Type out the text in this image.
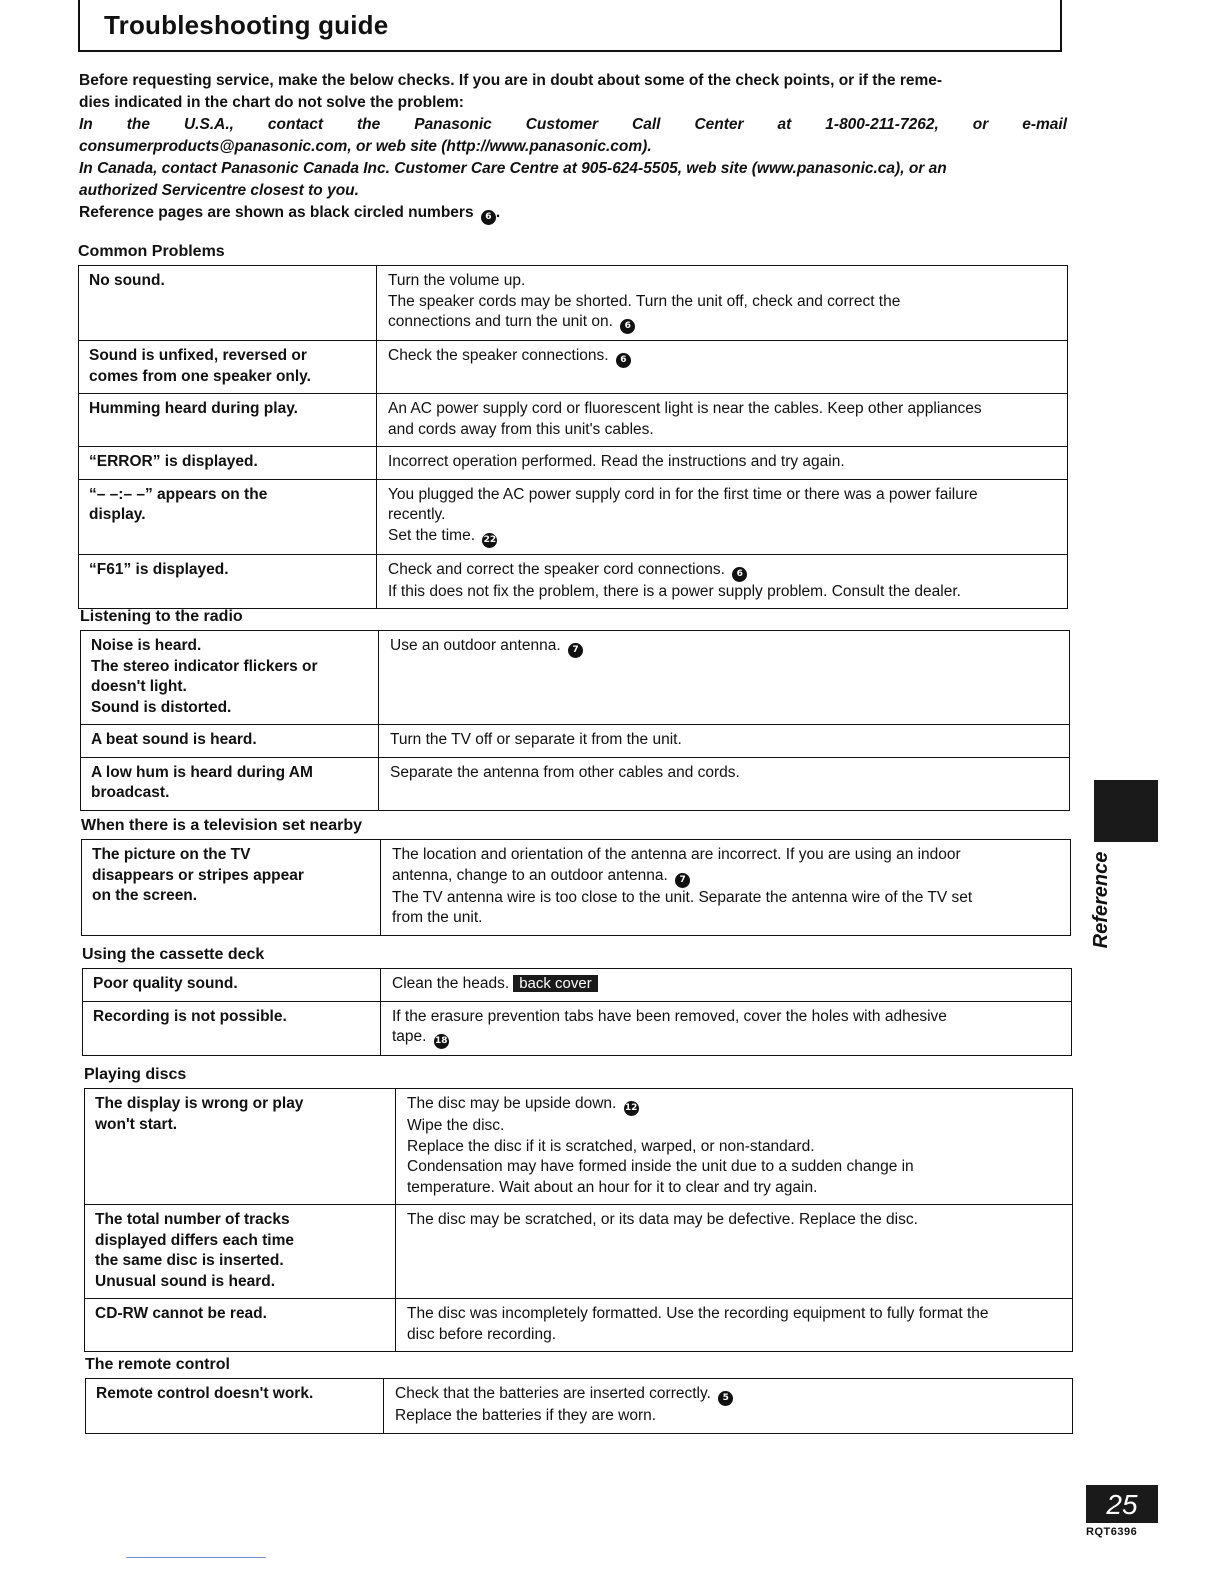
Troubleshooting guide

Before requesting service, make the below checks. If you are in doubt about some of the check points, or if the reme-

dies indicated in the chart do not solve the problem:

In the U.S.A., contact the Panasonic Customer Call Center at 1-800-211-7262, or e-mail

consumerproducts@panasonic.com, or web site (http://www.panasonic.com).

In Canada, contact Panasonic Canada Inc. Customer Care Centre at 905-624-5505, web site (www.panasonic.ca), or an

authorized Servicentre closest to you.

Reference pages are shown as black circled numbers 6 .

Common Problems
No sound.	Turn the volume up.
The speaker cords may be shorted. Turn the unit off, check and correct the
connections and turn the unit on. 6
Sound is unfixed, reversed or
comes from one speaker only.	Check the speaker connections. 6
Humming heard during play.	An AC power supply cord or fluorescent light is near the cables. Keep other appliances
and cords away from this unit's cables.
“ERROR” is displayed.	Incorrect operation performed. Read the instructions and try again.
“– –:– –” appears on the
display.	You plugged the AC power supply cord in for the first time or there was a power failure
recently.
Set the time. 22
“F61” is displayed.	Check and correct the speaker cord connections. 6
If this does not fix the problem, there is a power supply problem. Consult the dealer.
Listening to the radio
Noise is heard.
The stereo indicator flickers or
doesn't light.
Sound is distorted.	Use an outdoor antenna. 7
A beat sound is heard.	Turn the TV off or separate it from the unit.
A low hum is heard during AM
broadcast.	Separate the antenna from other cables and cords.
When there is a television set nearby
The picture on the TV
disappears or stripes appear
on the screen.	The location and orientation of the antenna are incorrect. If you are using an indoor
antenna, change to an outdoor antenna. 7
The TV antenna wire is too close to the unit. Separate the antenna wire of the TV set
from the unit.
Using the cassette deck
Poor quality sound.	Clean the heads. back cover
Recording is not possible.	If the erasure prevention tabs have been removed, cover the holes with adhesive
tape. 18
Playing discs
The display is wrong or play
won't start.	The disc may be upside down. 12
Wipe the disc.
Replace the disc if it is scratched, warped, or non-standard.
Condensation may have formed inside the unit due to a sudden change in
temperature. Wait about an hour for it to clear and try again.
The total number of tracks
displayed differs each time
the same disc is inserted.
Unusual sound is heard.	The disc may be scratched, or its data may be defective. Replace the disc.
CD-RW cannot be read.	The disc was incompletely formatted. Use the recording equipment to fully format the
disc before recording.
The remote control
Remote control doesn't work.	Check that the batteries are inserted correctly. 5
Replace the batteries if they are worn.
Reference
25
RQT6396
